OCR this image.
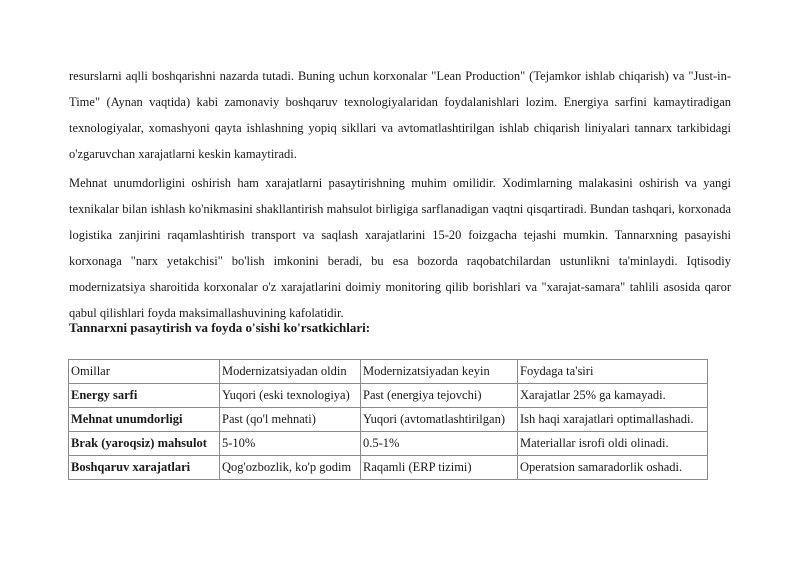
resurslarni aqlli boshqarishni nazarda tutadi. Buning uchun korxonalar "Lean Production" (Tejamkor ishlab chiqarish) va "Just-in-Time" (Aynan vaqtida) kabi zamonaviy boshqaruv texnologiyalaridan foydalanishlari lozim. Energiya sarfini kamaytiradigan texnologiyalar, xomashyoni qayta ishlashning yopiq sikllari va avtomatlashtirilgan ishlab chiqarish liniyalari tannarx tarkibidagi o'zgaruvchan xarajatlarni keskin kamaytiradi.

Mehnat unumdorligini oshirish ham xarajatlarni pasaytirishning muhim omilidir. Xodimlarning malakasini oshirish va yangi texnikalar bilan ishlash ko'nikmasini shakllantirish mahsulot birligiga sarflanadigan vaqtni qisqartiradi. Bundan tashqari, korxonada logistika zanjirini raqamlashtirish transport va saqlash xarajatlarini 15-20 foizgacha tejashi mumkin. Tannarxning pasayishi korxonaga "narx yetakchisi" bo'lish imkonini beradi, bu esa bozorda raqobatchilardan ustunlikni ta'minlaydi. Iqtisodiy modernizatsiya sharoitida korxonalar o'z xarajatlarini doimiy monitoring qilib borishlari va "xarajat-samara" tahlili asosida qaror qabul qilishlari foyda maksimallashuvining kafolatidir.

Tannarxni pasaytirish va foyda o'sishi ko'rsatkichlari:

Omillar	Modernizatsiyadan oldin	Modernizatsiyadan keyin	Foydaga ta'siri
Energy sarfi	Yuqori (eski texnologiya)	Past (energiya tejovchi)	Xarajatlar 25% ga kamayadi.
Mehnat unumdorligi	Past (qo'l mehnati)	Yuqori (avtomatlashtirilgan)	Ish haqi xarajatlari optimallashadi.
Brak (yaroqsiz) mahsulot	5-10%	0.5-1%	Materiallar isrofi oldi olinadi.
Boshqaruv xarajatlari	Qog'ozbozlik, ko'p godim	Raqamli (ERP tizimi)	Operatsion samaradorlik oshadi.
